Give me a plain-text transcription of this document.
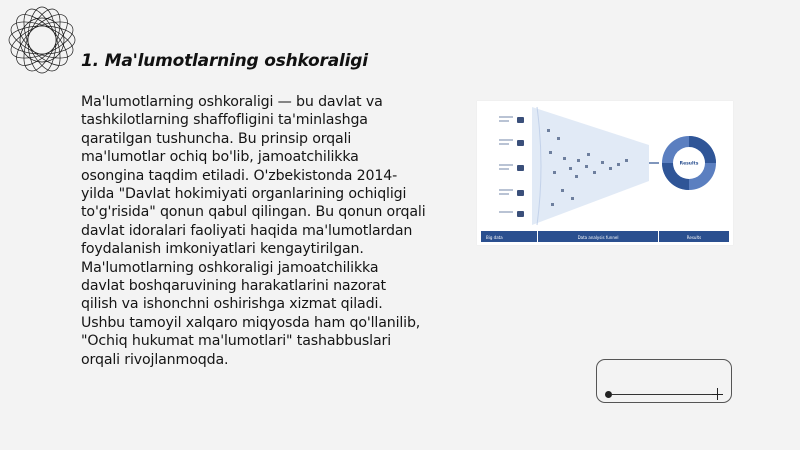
1. Ma'lumotlarning oshkoraligi

Ma'lumotlarning oshkoraligi — bu davlat va tashkilotlarning shaffofligini ta'minlashga qaratilgan tushuncha. Bu prinsip orqali ma'lumotlar ochiq bo'lib, jamoatchilikka osongina taqdim etiladi. O'zbekistonda 2014-yilda "Davlat hokimiyati organlarining ochiqligi to'g'risida" qonun qabul qilingan. Bu qonun orqali davlat idoralari faoliyati haqida ma'lumotlardan foydalanish imkoniyatlari kengaytirilgan. Ma'lumotlarning oshkoraligi jamoatchilikka davlat boshqaruvining harakatlarini nazorat qilish va ishonchni oshirishga xizmat qiladi. Ushbu tamoyil xalqaro miqyosda ham qo'llanilib, "Ochiq hukumat ma'lumotlari" tashabbuslari orqali rivojlanmoqda.

Results
Big data	Data analysis funnel	Results
